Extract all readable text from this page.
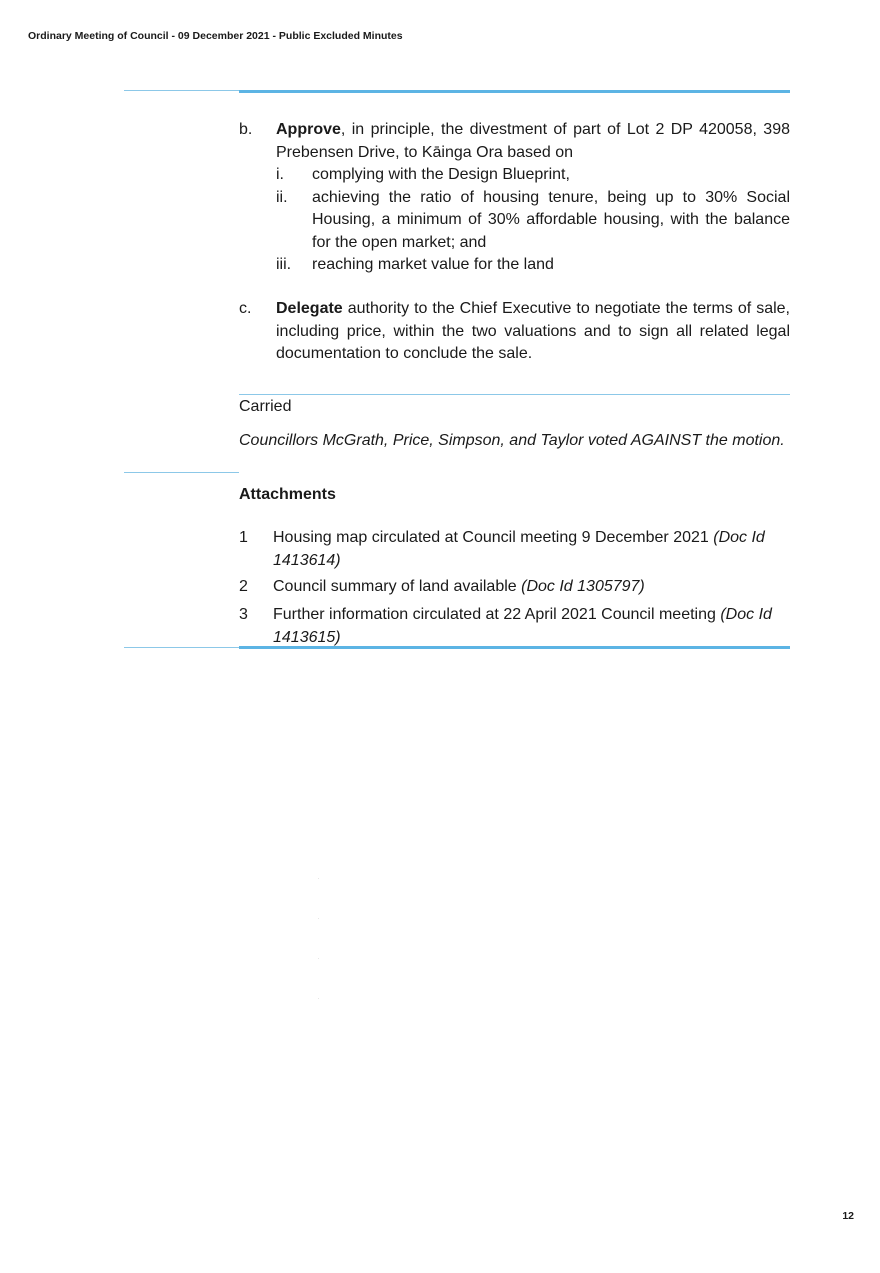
Ordinary Meeting of Council - 09 December 2021 - Public Excluded Minutes
b.	Approve, in principle, the divestment of part of Lot 2 DP 420058, 398 Prebensen Drive, to Kāinga Ora based on
i. complying with the Design Blueprint,
ii. achieving the ratio of housing tenure, being up to 30% Social Housing, a minimum of 30% affordable housing, with the balance for the open market; and
iii. reaching market value for the land
c.	Delegate authority to the Chief Executive to negotiate the terms of sale, including price, within the two valuations and to sign all related legal documentation to conclude the sale.
Carried
Councillors McGrath, Price, Simpson, and Taylor voted AGAINST the motion.
Attachments
1 Housing map circulated at Council meeting 9 December 2021 (Doc Id 1413614)
2 Council summary of land available (Doc Id 1305797)
3 Further information circulated at 22 April 2021 Council meeting (Doc Id 1413615)
12
